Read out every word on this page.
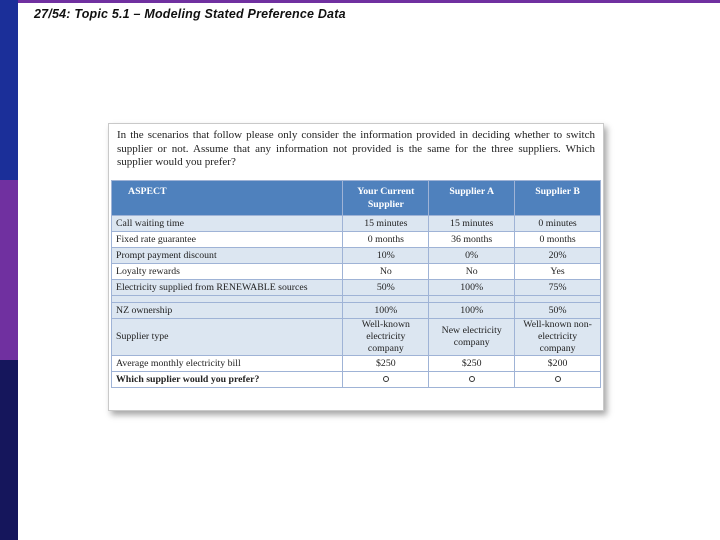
27/54: Topic 5.1 – Modeling Stated Preference Data
In the scenarios that follow please only consider the information provided in deciding whether to switch supplier or not. Assume that any information not provided is the same for the three suppliers. Which supplier would you prefer?
ASPECT	Your Current Supplier	Supplier A	Supplier B
Call waiting time	15 minutes	15 minutes	0 minutes
Fixed rate guarantee	0 months	36 months	0 months
Prompt payment discount	10%	0%	20%
Loyalty rewards	No	No	Yes
Electricity supplied from RENEWABLE sources	50%	100%	75%

NZ ownership	100%	100%	50%
Supplier type	Well-known electricity company	New electricity company	Well-known non-electricity company
Average monthly electricity bill	$250	$250	$200
Which supplier would you prefer?			
